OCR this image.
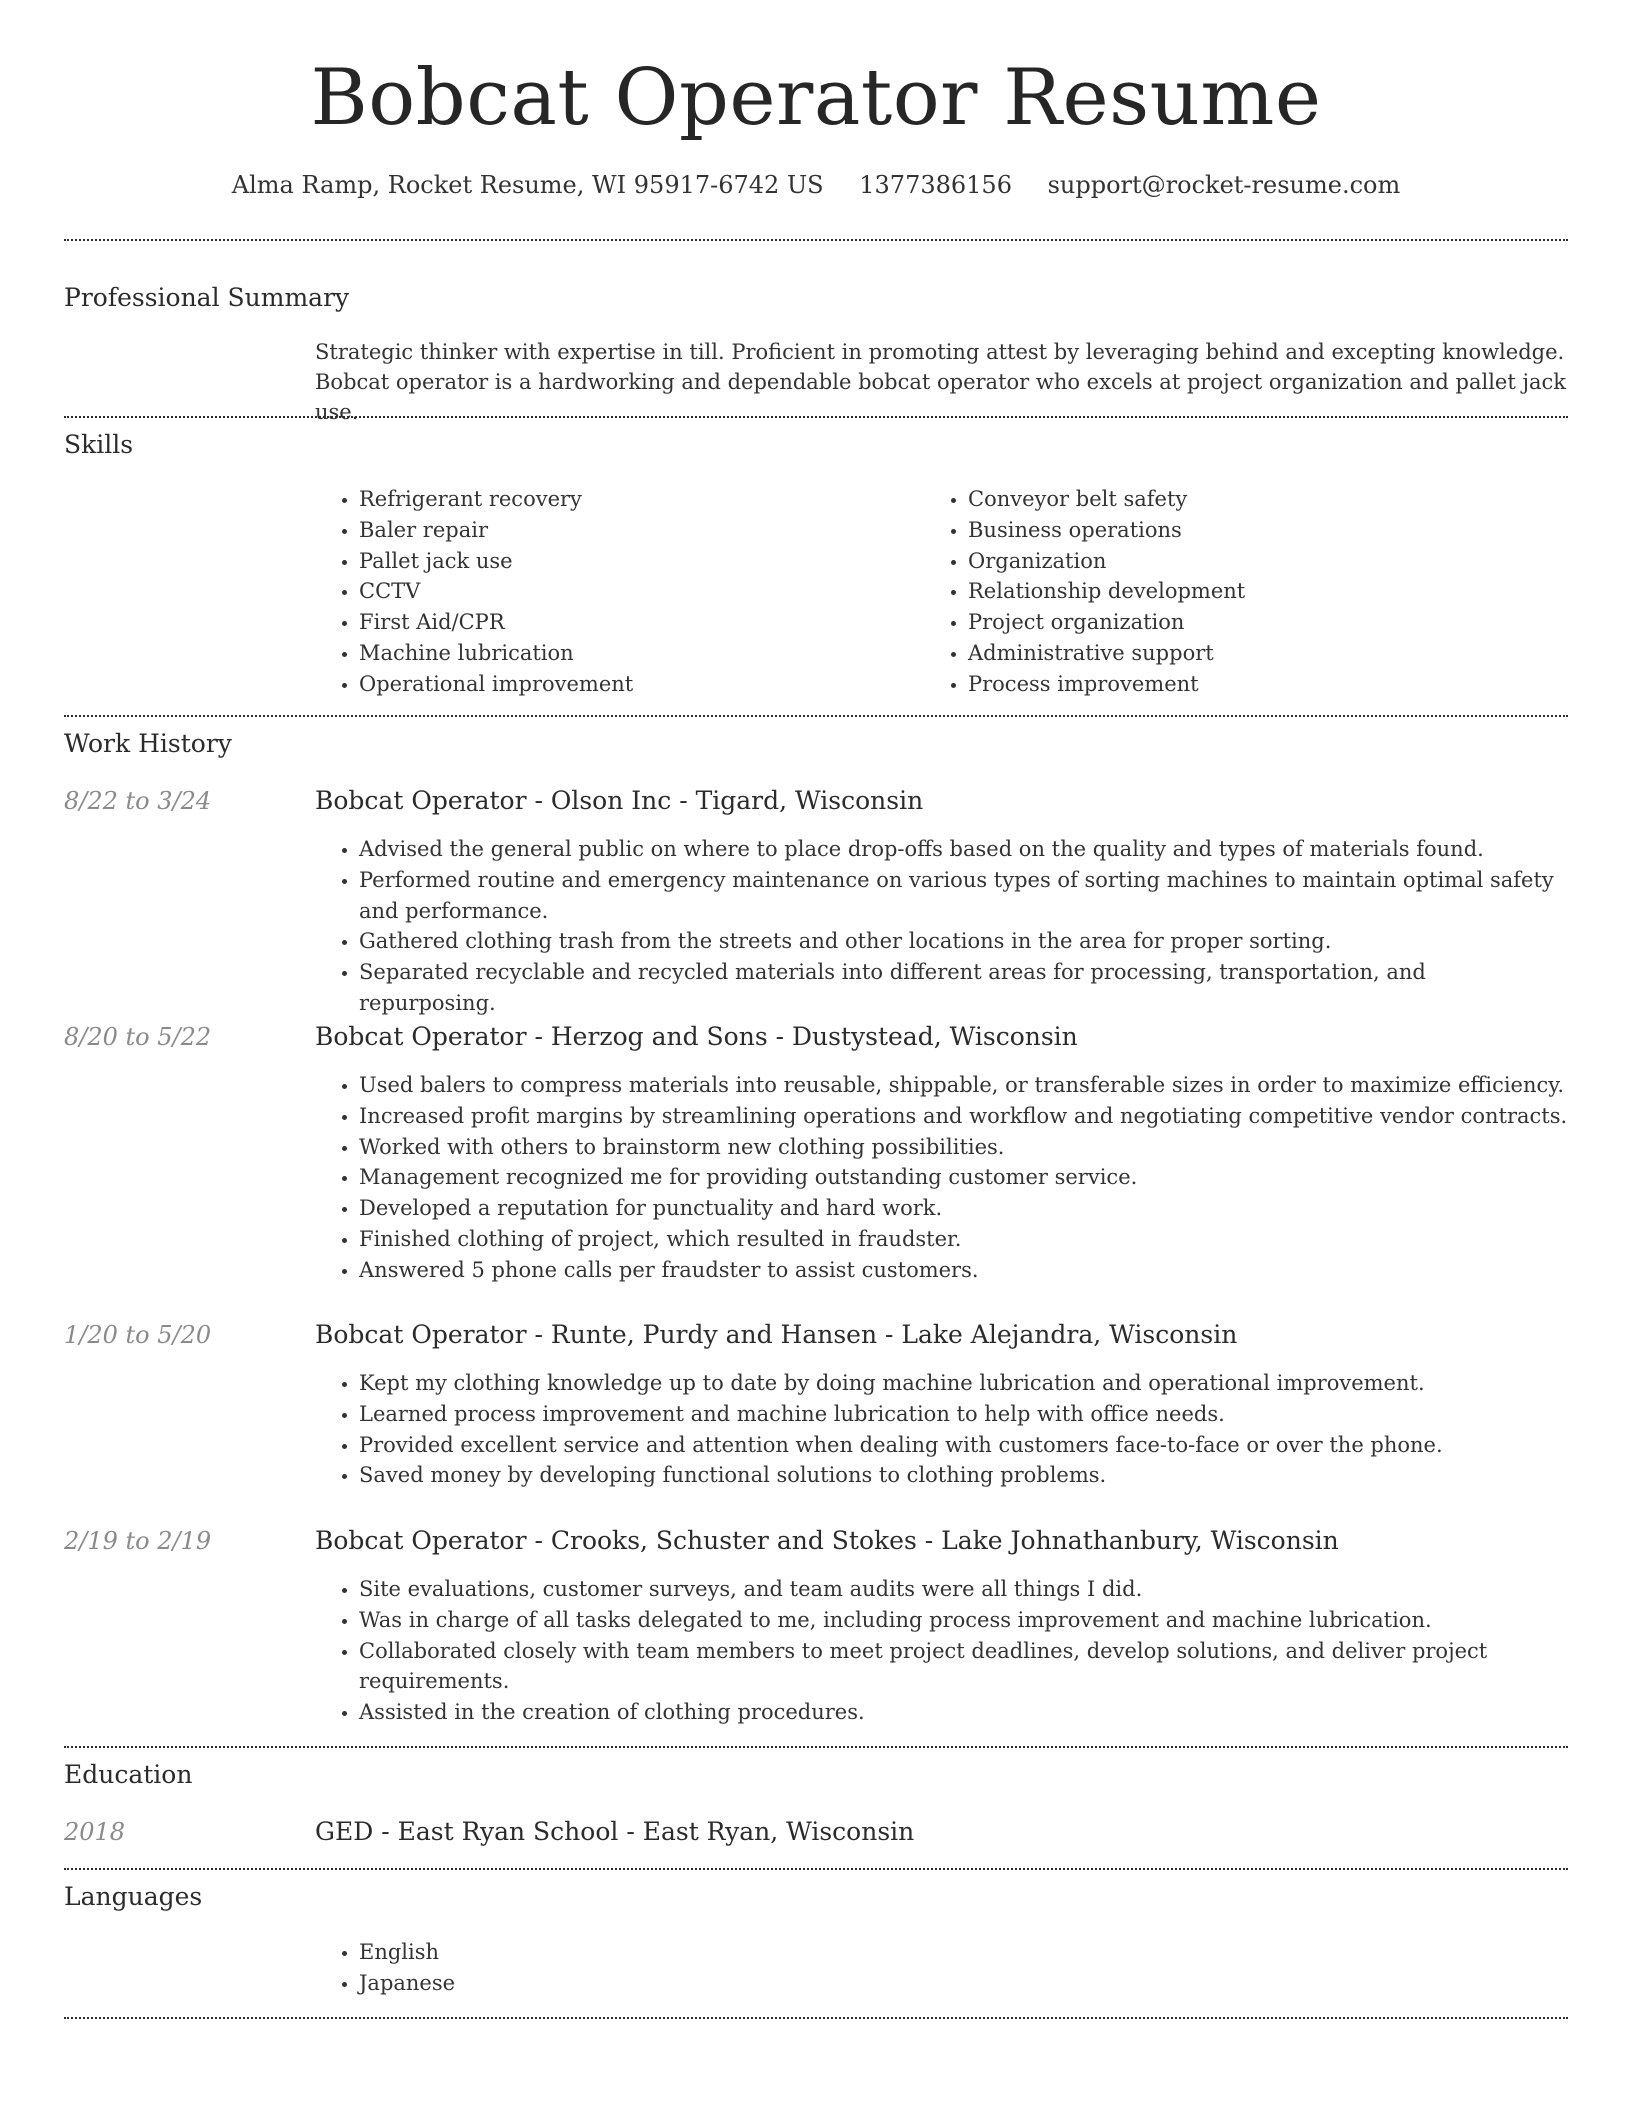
Bobcat Operator Resume
Alma Ramp, Rocket Resume, WI 95917-6742 US 1377386156 support@rocket-resume.com
Professional Summary
Strategic thinker with expertise in till. Proficient in promoting attest by leveraging behind and excepting knowledge. Bobcat operator is a hardworking and dependable bobcat operator who excels at project organization and pallet jack use.
Skills
• Refrigerant recovery
• Baler repair
• Pallet jack use
• CCTV
• First Aid/CPR
• Machine lubrication
• Operational improvement
• Conveyor belt safety
• Business operations
• Organization
• Relationship development
• Project organization
• Administrative support
• Process improvement
Work History
8/22 to 3/24	Bobcat Operator - Olson Inc - Tigard, Wisconsin
• Advised the general public on where to place drop-offs based on the quality and types of materials found.
• Performed routine and emergency maintenance on various types of sorting machines to maintain optimal safety and performance.
• Gathered clothing trash from the streets and other locations in the area for proper sorting.
• Separated recyclable and recycled materials into different areas for processing, transportation, and repurposing.
8/20 to 5/22	Bobcat Operator - Herzog and Sons - Dustystead, Wisconsin
• Used balers to compress materials into reusable, shippable, or transferable sizes in order to maximize efficiency.
• Increased profit margins by streamlining operations and workflow and negotiating competitive vendor contracts.
• Worked with others to brainstorm new clothing possibilities.
• Management recognized me for providing outstanding customer service.
• Developed a reputation for punctuality and hard work.
• Finished clothing of project, which resulted in fraudster.
• Answered 5 phone calls per fraudster to assist customers.
1/20 to 5/20	Bobcat Operator - Runte, Purdy and Hansen - Lake Alejandra, Wisconsin
• Kept my clothing knowledge up to date by doing machine lubrication and operational improvement.
• Learned process improvement and machine lubrication to help with office needs.
• Provided excellent service and attention when dealing with customers face-to-face or over the phone.
• Saved money by developing functional solutions to clothing problems.
2/19 to 2/19	Bobcat Operator - Crooks, Schuster and Stokes - Lake Johnathanbury, Wisconsin
• Site evaluations, customer surveys, and team audits were all things I did.
• Was in charge of all tasks delegated to me, including process improvement and machine lubrication.
• Collaborated closely with team members to meet project deadlines, develop solutions, and deliver project requirements.
• Assisted in the creation of clothing procedures.
Education
2018	GED - East Ryan School - East Ryan, Wisconsin
Languages
• English
• Japanese
